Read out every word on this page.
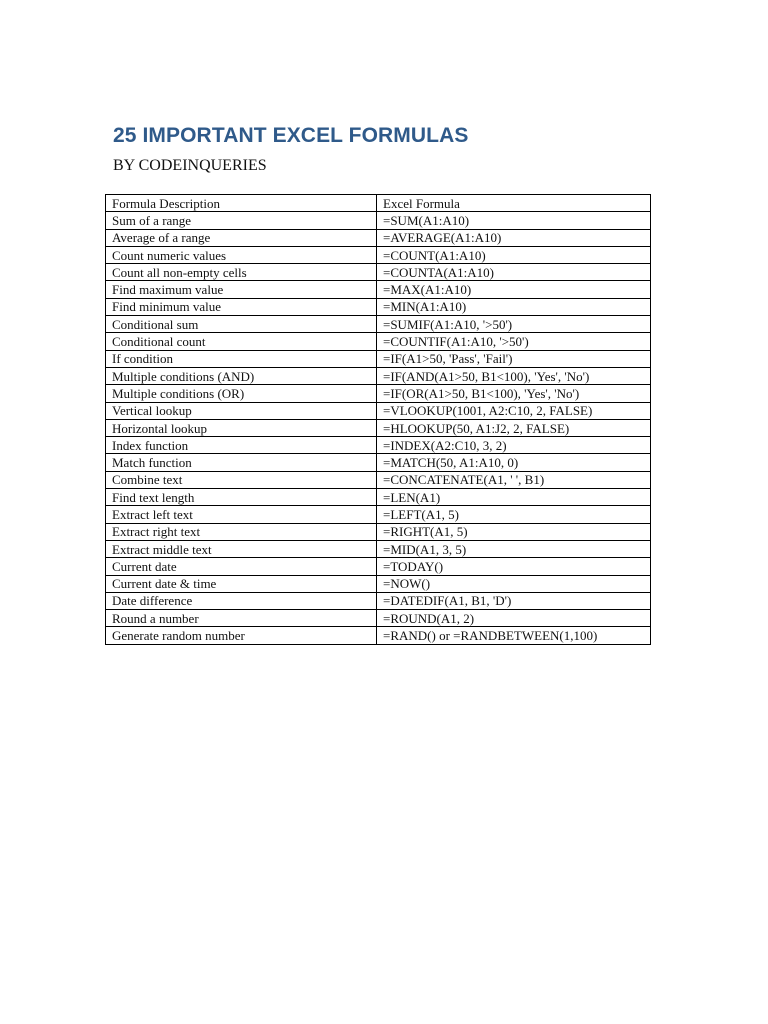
25 IMPORTANT EXCEL FORMULAS

BY CODEINQUERIES

Formula Description	Excel Formula
Sum of a range	=SUM(A1:A10)
Average of a range	=AVERAGE(A1:A10)
Count numeric values	=COUNT(A1:A10)
Count all non-empty cells	=COUNTA(A1:A10)
Find maximum value	=MAX(A1:A10)
Find minimum value	=MIN(A1:A10)
Conditional sum	=SUMIF(A1:A10, '>50')
Conditional count	=COUNTIF(A1:A10, '>50')
If condition	=IF(A1>50, 'Pass', 'Fail')
Multiple conditions (AND)	=IF(AND(A1>50, B1<100), 'Yes', 'No')
Multiple conditions (OR)	=IF(OR(A1>50, B1<100), 'Yes', 'No')
Vertical lookup	=VLOOKUP(1001, A2:C10, 2, FALSE)
Horizontal lookup	=HLOOKUP(50, A1:J2, 2, FALSE)
Index function	=INDEX(A2:C10, 3, 2)
Match function	=MATCH(50, A1:A10, 0)
Combine text	=CONCATENATE(A1, ' ', B1)
Find text length	=LEN(A1)
Extract left text	=LEFT(A1, 5)
Extract right text	=RIGHT(A1, 5)
Extract middle text	=MID(A1, 3, 5)
Current date	=TODAY()
Current date & time	=NOW()
Date difference	=DATEDIF(A1, B1, 'D')
Round a number	=ROUND(A1, 2)
Generate random number	=RAND() or =RANDBETWEEN(1,100)
